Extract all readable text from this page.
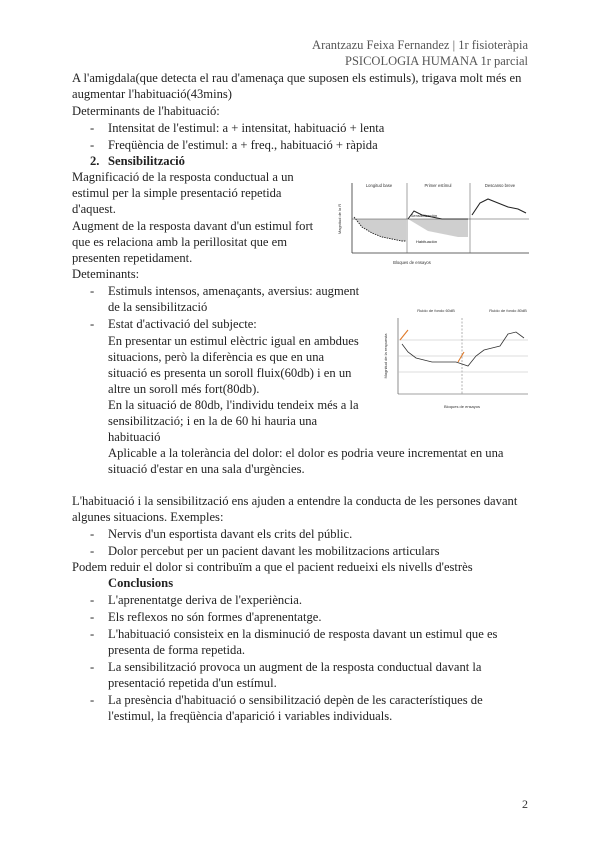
Arantzazu Feixa Fernandez | 1r fisioteràpia
PSICOLOGIA HUMANA 1r parcial
A l'amigdala(que detecta el rau d'amenaça que suposen els estimuls), trigava molt més en
augmentar l'habituació(43mins)
Determinants de l'habituació:
- Intensitat de l'estimul: a + intensitat, habituació + lenta
- Freqüència de l'estimul: a + freq., habituació + ràpida
2. Sensibilització
Magnificació de la resposta conductual a un
estimul per la simple presentació repetida
d'aquest.
Augment de la resposta davant d'un estimul fort
que es relaciona amb la perillositat que em
presenten repetidament.
Deteminants:
- Estimuls intensos, amenaçants, aversius: augment
de la sensibilització
- Estat d'activació del subjecte:
En presentar un estimul elèctric igual en ambdues
situacions, però la diferència es que en una
situació es presenta un soroll fluix(60db) i en un
altre un soroll més fort(80db).
En la situació de 80db, l'individu tendeix més a la
sensibilització; i en la de 60 hi hauria una
habituació
Aplicable a la tolerància del dolor: el dolor es podria veure incrementat en una
situació d'estar en una sala d'urgències.
Longitud base	Primer estímul	Descanso breve
Sensibilización
Habituación
Magnitud de la R
Bloques de ensayos
Ruido de fondo 60dB	Ruido de fondo 80dB
Magnitud de la respuesta
Bloques de ensayos
L'habituació i la sensibilització ens ajuden a entendre la conducta de les persones davant
algunes situacions. Exemples:
- Nervis d'un esportista davant els crits del públic.
- Dolor percebut per un pacient davant les mobilitzacions articulars
Podem reduir el dolor si contribuïm a que el pacient redueixi els nivells d'estrès
Conclusions
- L'aprenentatge deriva de l'experiència.
- Els reflexos no són formes d'aprenentatge.
- L'habituació consisteix en la disminució de resposta davant un estimul que es
presenta de forma repetida.
- La sensibilització provoca un augment de la resposta conductual davant la
presentació repetida d'un estímul.
- La presència d'habituació o sensibilització depèn de les característiques de
l'estimul, la freqüència d'aparició i variables individuals.
2
